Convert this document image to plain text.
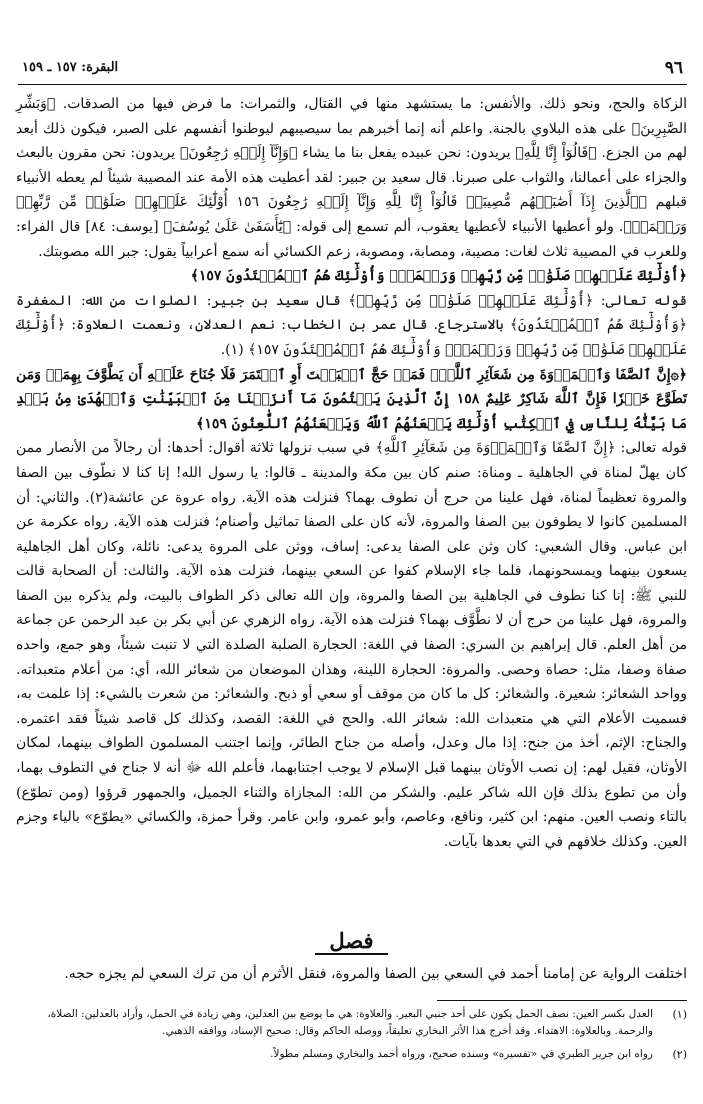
٩٦
البقرة: ١٥٧ ـ ١٥٩

الزكاة والحج، ونحو ذلك. والأنفس: ما يستشهد منها في القتال، والثمرات: ما فرض فيها من الصدقات. ﴿وَبَشِّرِ الصَّٰبِرِينَ﴾ على هذه البلاوي بالجنة. واعلم أنه إنما أخبرهم بما سيصيبهم ليوطنوا أنفسهم على الصبر، فيكون ذلك أبعد لهم من الجزع. ﴿قَالُوٓاْ إِنَّا لِلَّهِ﴾ يريدون: نحن عبيده يفعل بنا ما يشاء ﴿وَإِنَّآ إِلَيۡهِ رَٰجِعُونَ﴾ يريدون: نحن مقرون بالبعث والجزاء على أعمالنا، والثواب على صبرنا. قال سعيد بن جبير: لقد أعطيت هذه الأمة عند المصيبة شيئاً لم يعطه الأنبياء قبلهم ﴿ٱلَّذِينَ إِذَآ أَصَٰبَتۡهُم مُّصِيبَةٞ قَالُوٓاْ إِنَّا لِلَّهِ وَإِنَّآ إِلَيۡهِ رَٰجِعُونَ ١٥٦ أُوْلَٰٓئِكَ عَلَيۡهِمۡ صَلَوَٰتٞ مِّن رَّبِّهِمۡ وَرَحۡمَةٞ﴾. ولو أعطيها الأنبياء لأعطيها يعقوب، ألم تسمع إلى قوله: ﴿يَٰٓأَسَفَىٰ عَلَىٰ يُوسُفَ﴾ [يوسف: ٨٤] قال الفراء: وللعرب في المصيبة ثلاث لغات: مصيبة، ومصابة، ومصوبة، زعم الكسائي أنه سمع أعرابياً يقول: جبر الله مصوبتك.

﴿أُوْلَٰٓئِكَ عَلَيۡهِمۡ صَلَوَٰتٞ مِّن رَّبِّهِمۡ وَرَحۡمَةٞۖ وَأُوْلَٰٓئِكَ هُمُ ٱلۡمُهۡتَدُونَ ١٥٧﴾

قوله تعالى: ﴿أُوْلَٰٓئِكَ عَلَيۡهِمۡ صَلَوَٰتٞ مِّن رَّبِّهِمۡ﴾ قال سعيد بن جبير: الصلوات من الله: المغفرة ﴿وَأُوْلَٰٓئِكَ هُمُ ٱلۡمُهۡتَدُونَ﴾ بالاسترجاع. قال عمر بن الخطاب: نعم العدلان، ونعمت العلاوة: ﴿أُوْلَٰٓئِكَ عَلَيۡهِمۡ صَلَوَٰتٞ مِّن رَّبِّهِمۡ وَرَحۡمَةٞۖ وَأُوْلَٰٓئِكَ هُمُ ٱلۡمُهۡتَدُونَ ١٥٧﴾ (١).

﴿۞إِنَّ ٱلصَّفَا وَٱلۡمَرۡوَةَ مِن شَعَآئِرِ ٱللَّهِۖ فَمَنۡ حَجَّ ٱلۡبَيۡتَ أَوِ ٱعۡتَمَرَ فَلَا جُنَاحَ عَلَيۡهِ أَن يَطَّوَّفَ بِهِمَاۚ وَمَن تَطَوَّعَ خَيۡرٗا فَإِنَّ ٱللَّهَ شَاكِرٌ عَلِيمٌ ١٥٨ إِنَّ ٱلَّذِينَ يَكۡتُمُونَ مَآ أَنزَلۡنَا مِنَ ٱلۡبَيِّنَٰتِ وَٱلۡهُدَىٰ مِنۢ بَعۡدِ مَا بَيَّنَّٰهُ لِلنَّاسِ فِي ٱلۡكِتَٰبِ أُوْلَٰٓئِكَ يَلۡعَنُهُمُ ٱللَّهُ وَيَلۡعَنُهُمُ ٱللَّٰعِنُونَ ١٥٩﴾

قوله تعالى: ﴿إِنَّ ٱلصَّفَا وَٱلۡمَرۡوَةَ مِن شَعَآئِرِ ٱللَّهِ﴾ في سبب نزولها ثلاثة أقوال: أحدها: أن رجالاً من الأنصار ممن كان يهلّ لمناة في الجاهلية ـ ومناة: صنم كان بين مكة والمدينة ـ قالوا: يا رسول الله! إنا كنا لا نطّوف بين الصفا والمروة تعظيماً لمناة، فهل علينا من حرج أن نطوف بهما؟ فنزلت هذه الآية. رواه عروة عن عائشة(٢). والثاني: أن المسلمين كانوا لا يطوفون بين الصفا والمروة، لأنه كان على الصفا تماثيل وأصنام؛ فنزلت هذه الآية. رواه عكرمة عن ابن عباس. وقال الشعبي: كان وثن على الصفا يدعى: إساف، ووثن على المروة يدعى: نائلة، وكان أهل الجاهلية يسعون بينهما ويمسحونهما، فلما جاء الإسلام كفوا عن السعي بينهما، فنزلت هذه الآية. والثالث: أن الصحابة قالت للنبي ﷺ: إنا كنا نطوف في الجاهلية بين الصفا والمروة، وإن الله تعالى ذكر الطواف بالبيت، ولم يذكره بين الصفا والمروة، فهل علينا من حرج أن لا نطَّوَّف بهما؟ فنزلت هذه الآية. رواه الزهري عن أبي بكر بن عبد الرحمن عن جماعة من أهل العلم. قال إبراهيم بن السري: الصفا في اللغة: الحجارة الصلبة الصلدة التي لا تنبت شيئاً، وهو جمع، واحده صفاة وصفا، مثل: حصاة وحصى. والمروة: الحجارة اللينة، وهذان الموضعان من شعائر الله، أي: من أعلام متعبداته. وواحد الشعائر: شعيرة. والشعائر: كل ما كان من موقف أو سعي أو ذبح. والشعائر: من شعرت بالشيء: إذا علمت به، فسميت الأعلام التي هي متعبدات الله: شعائر الله. والحج في اللغة: القصد، وكذلك كل قاصد شيئاً فقد اعتمره. والجناح: الإثم، أخذ من جنح: إذا مال وعدل، وأصله من جناح الطائر، وإنما اجتنب المسلمون الطواف بينهما، لمكان الأوثان، فقيل لهم: إن نصب الأوثان بينهما قبل الإسلام لا يوجب اجتنابهما، فأعلم الله ﷻ أنه لا جناح في التطوف بهما، وأن من تطوع بذلك فإن الله شاكر عليم. والشكر من الله: المجازاة والثناء الجميل، والجمهور قرؤوا (ومن تطوّع) بالتاء ونصب العين. منهم: ابن كثير، ونافع، وعاصم، وأبو عمرو، وابن عامر. وقرأ حمزة، والكسائي «يطوّع» بالياء وجزم العين. وكذلك خلافهم في التي بعدها بآيات.

فصل
اختلفت الرواية عن إمامنا أحمد في السعي بين الصفا والمروة، فنقل الأثرم أن من ترك السعي لم يجزه حجه.
(١)
العدل بكسر العين: نصف الحمل يكون على أحد جنبي البعير. والعلاوة: هي ما يوضع بين العدلين، وهي زيادة في الحمل، وأراد بالعدلين: الصلاة، والرحمة. وبالعلاوة: الاهتداء. وقد أخرج هذا الأثر البخاري تعليقاً، ووصله الحاكم وقال: صحيح الإسناد، ووافقه الذهبي.
(٢)
رواه ابن جرير الطبري في «تفسيره» وسنده صحيح، ورواه أحمد والبخاري ومسلم مطولاً.
